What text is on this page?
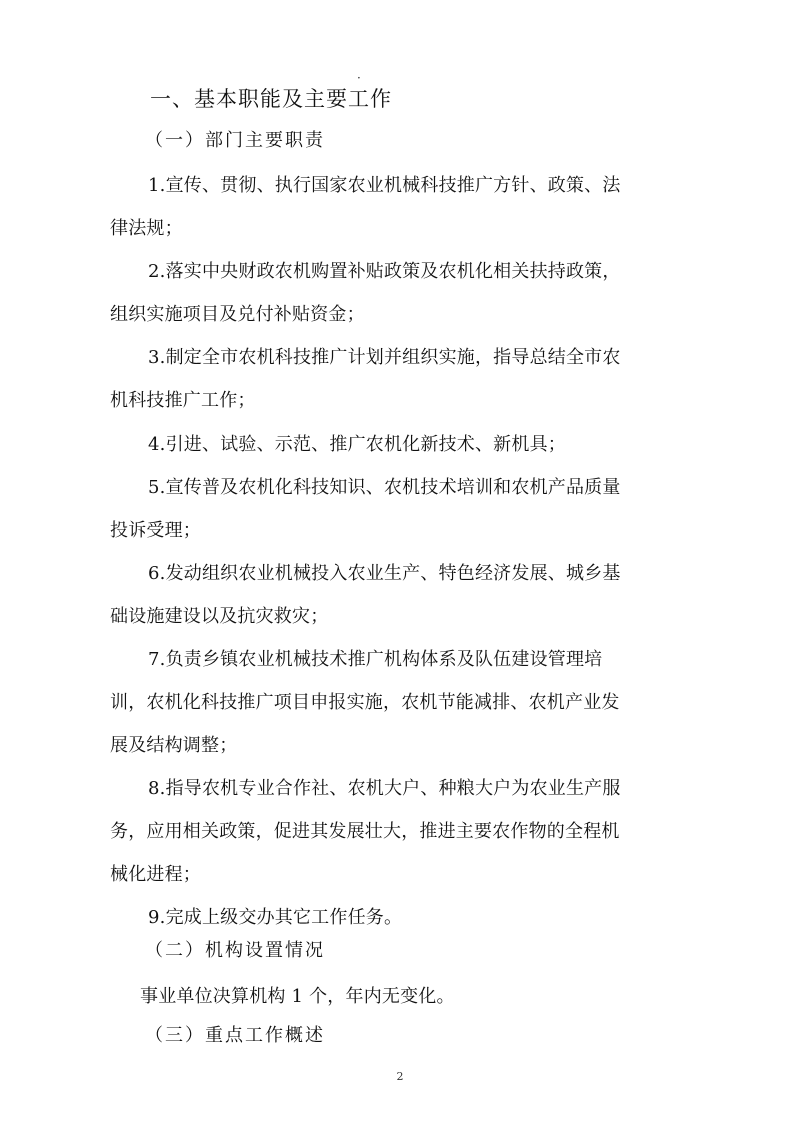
·
一、基本职能及主要工作
（一）部门主要职责
1.宣传、贯彻、执行国家农业机械科技推广方针、政策、法
律法规；
2.落实中央财政农机购置补贴政策及农机化相关扶持政策，
组织实施项目及兑付补贴资金；
3.制定全市农机科技推广计划并组织实施，指导总结全市农
机科技推广工作；
4.引进、试验、示范、推广农机化新技术、新机具；
5.宣传普及农机化科技知识、农机技术培训和农机产品质量
投诉受理；
6.发动组织农业机械投入农业生产、特色经济发展、城乡基
础设施建设以及抗灾救灾；
7.负责乡镇农业机械技术推广机构体系及队伍建设管理培
训，农机化科技推广项目申报实施，农机节能减排、农机产业发
展及结构调整；
8.指导农机专业合作社、农机大户、种粮大户为农业生产服
务，应用相关政策，促进其发展壮大，推进主要农作物的全程机
械化进程；
9.完成上级交办其它工作任务。
（二）机构设置情况
事业单位决算机构 1 个，年内无变化。
（三）重点工作概述
2
